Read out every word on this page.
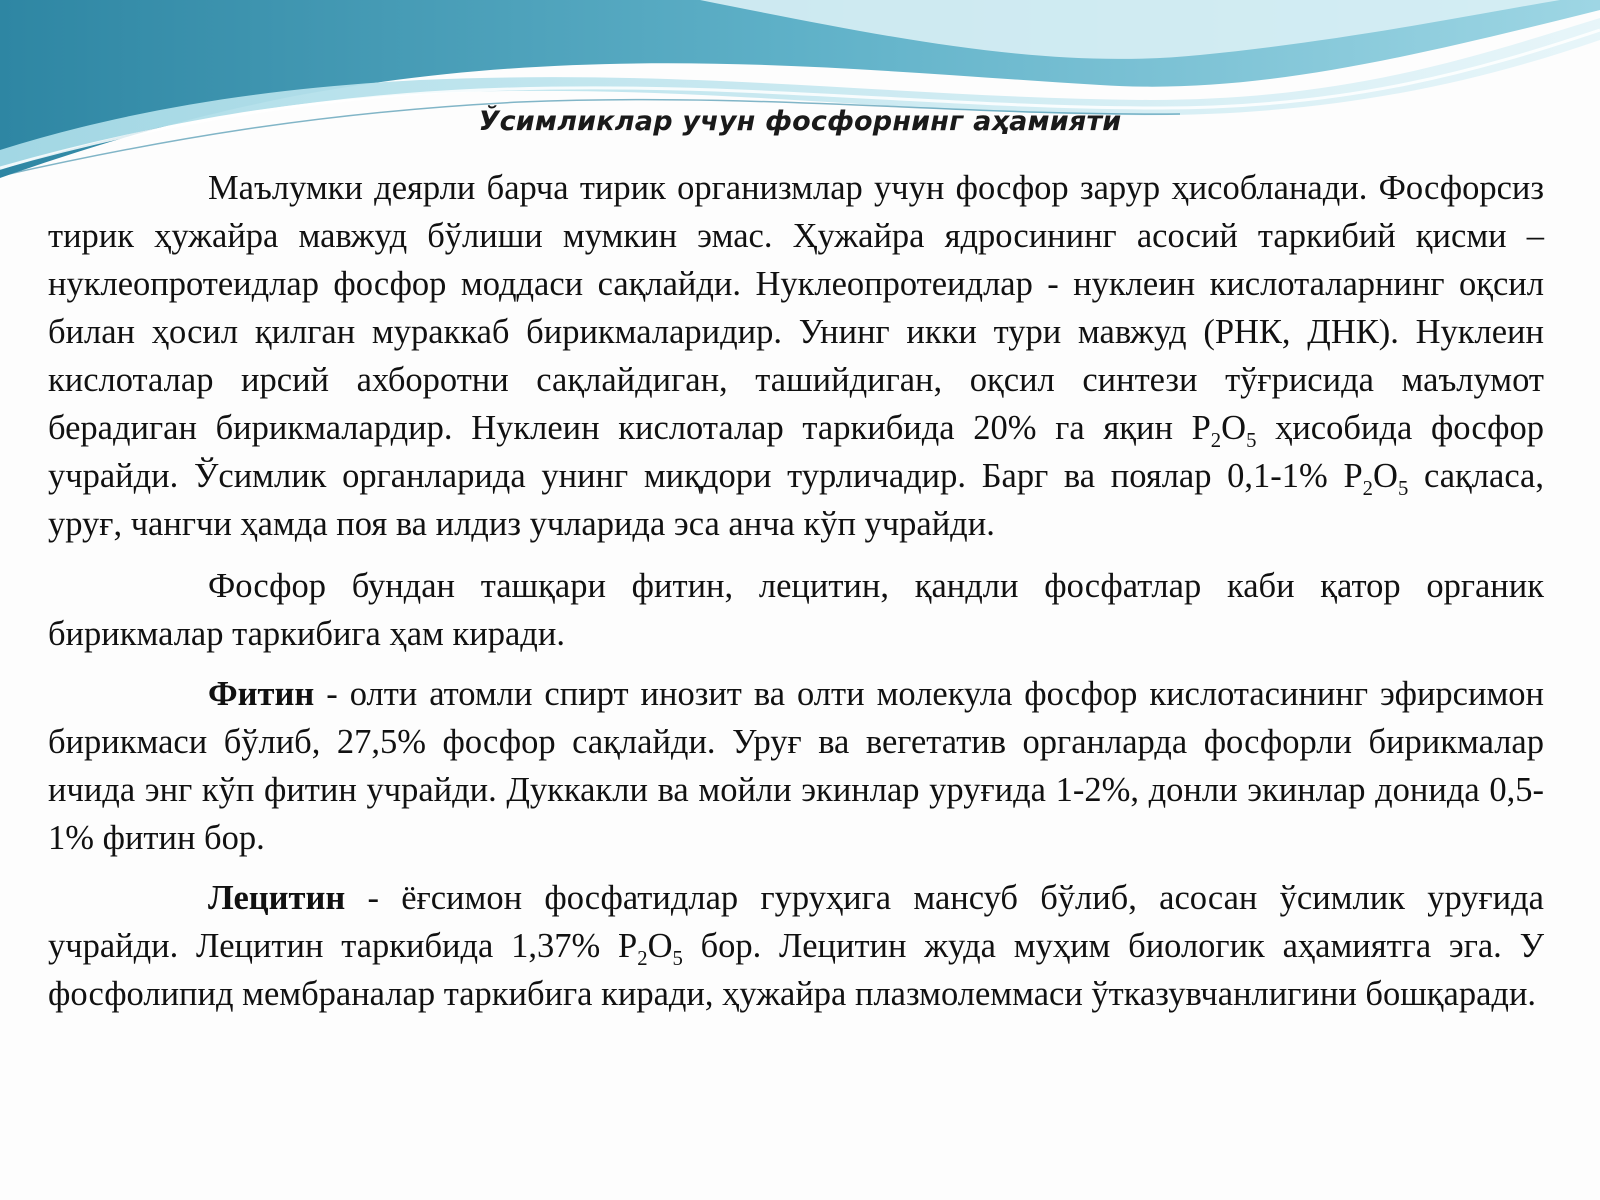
Ўсимликлар учун фосфорнинг аҳамияти

Маълумки деярли барча тирик организмлар учун фосфор зарур ҳисобланади. Фосфорсиз тирик ҳужайра мавжуд бўлиши мумкин эмас. Ҳужайра ядросининг асосий таркибий қисми – нуклеопротеидлар фосфор моддаси сақлайди. Нуклеопротеидлар - нуклеин кислоталарнинг оқсил билан ҳосил қилган мураккаб бирикмаларидир. Унинг икки тури мавжуд (РНК, ДНК). Нуклеин кислоталар ирсий ахборотни сақлайдиган, ташийдиган, оқсил синтези тўғрисида маълумот берадиган бирикмалардир. Нуклеин кислоталар таркибида 20% га яқин $P_2O_5$ ҳисобида фосфор учрайди. Ўсимлик органларида унинг миқдори турличадир. Барг ва поялар 0,1-1% $P_2O_5$ сақласа, уруғ, чангчи ҳамда поя ва илдиз учларида эса анча кўп учрайди.

Фосфор бундан ташқари фитин, лецитин, қандли фосфатлар каби қатор органик бирикмалар таркибига ҳам киради.

Фитин - олти атомли спирт инозит ва олти молекула фосфор кислотасининг эфирсимон бирикмаси бўлиб, 27,5% фосфор сақлайди. Уруғ ва вегетатив органларда фосфорли бирикмалар ичида энг кўп фитин учрайди. Дуккакли ва мойли экинлар уруғида 1-2%, донли экинлар донида 0,5-1% фитин бор.

Лецитин - ёғсимон фосфатидлар гуруҳига мансуб бўлиб, асосан ўсимлик уруғида учрайди. Лецитин таркибида 1,37% $P_2O_5$ бор. Лецитин жуда муҳим биологик аҳамиятга эга. У фосфолипид мембраналар таркибига киради, ҳужайра плазмолеммаси ўтказувчанлигини бошқаради.
